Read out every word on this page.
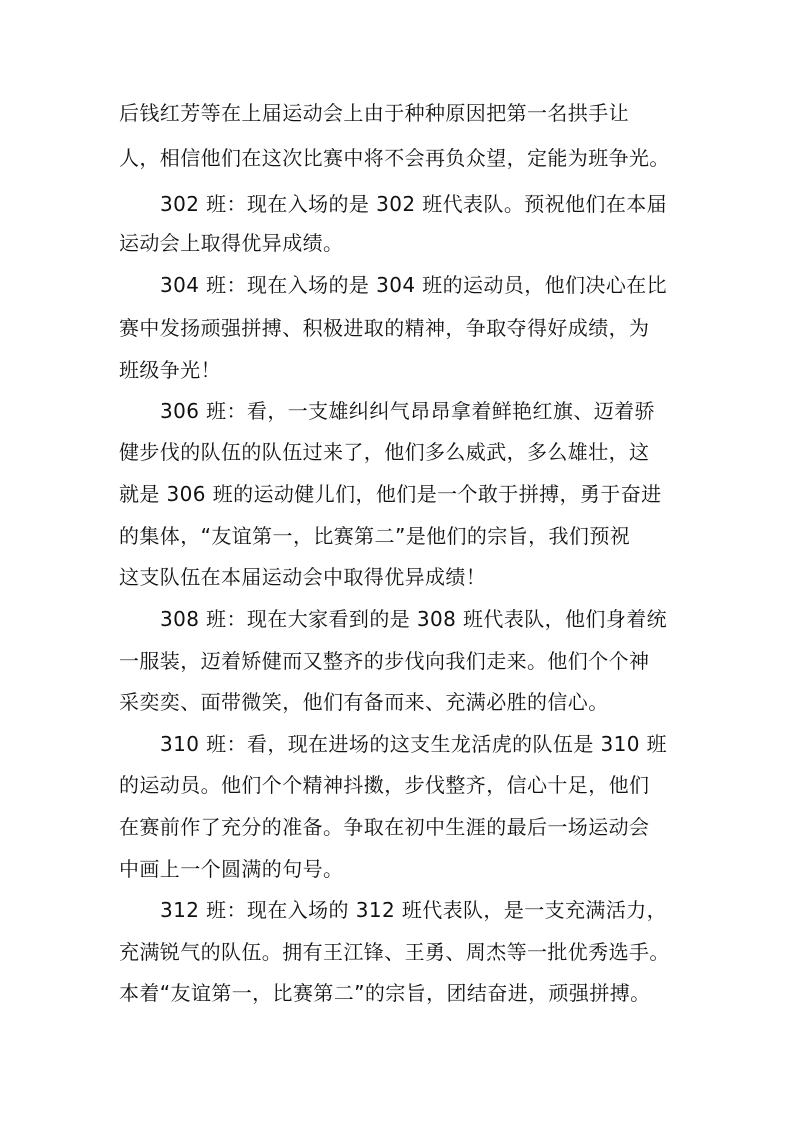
后钱红芳等在上届运动会上由于种种原因把第一名拱手让
人，相信他们在这次比赛中将不会再负众望，定能为班争光。
302 班：现在入场的是 302 班代表队。预祝他们在本届
运动会上取得优异成绩。
304 班：现在入场的是 304 班的运动员，他们决心在比
赛中发扬顽强拼搏、积极进取的精神，争取夺得好成绩，为
班级争光！
306 班：看，一支雄纠纠气昂昂拿着鲜艳红旗、迈着骄
健步伐的队伍的队伍过来了，他们多么威武，多么雄壮，这
就是 306 班的运动健儿们，他们是一个敢于拼搏，勇于奋进
的集体，“友谊第一，比赛第二”是他们的宗旨，我们预祝
这支队伍在本届运动会中取得优异成绩！
308 班：现在大家看到的是 308 班代表队，他们身着统
一服装，迈着矫健而又整齐的步伐向我们走来。他们个个神
采奕奕、面带微笑，他们有备而来、充满必胜的信心。
310 班：看，现在进场的这支生龙活虎的队伍是 310 班
的运动员。他们个个精神抖擞，步伐整齐，信心十足，他们
在赛前作了充分的准备。争取在初中生涯的最后一场运动会
中画上一个圆满的句号。
312 班：现在入场的 312 班代表队，是一支充满活力，
充满锐气的队伍。拥有王江锋、王勇、周杰等一批优秀选手。
本着“友谊第一，比赛第二”的宗旨，团结奋进，顽强拼搏。
